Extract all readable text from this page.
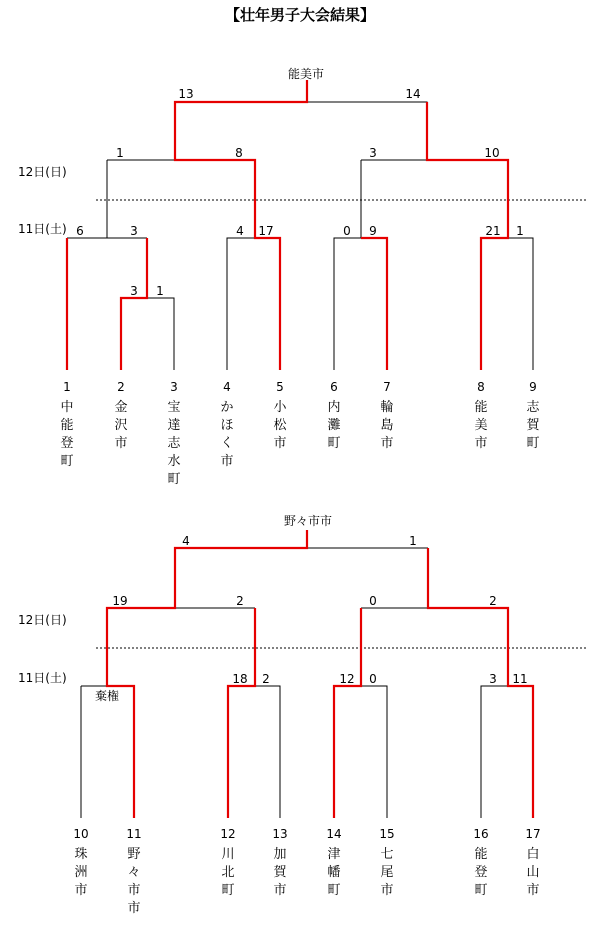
【壮年男子大会結果】
能美市
12日(日)
11日(土)
13	14
1	8	3	10
6	3
3 1
4 17	0 9	21 1
1
中
能
登
町
2
金
沢
市
3
宝
達
志
水
町
4
か
ほ
く
市
5
小
松
市
6
内
灘
町
7
輪
島
市
8
能
美
市
9
志
賀
町
野々市市
12日(日)
11日(土)
4	1
19	2	0	2
棄権
18 2	12 0	3 11
10
珠
洲
市
11
野
々
市
市
12
川
北
町
13
加
賀
市
14
津
幡
町
15
七
尾
市
16
能
登
町
17
白
山
市
